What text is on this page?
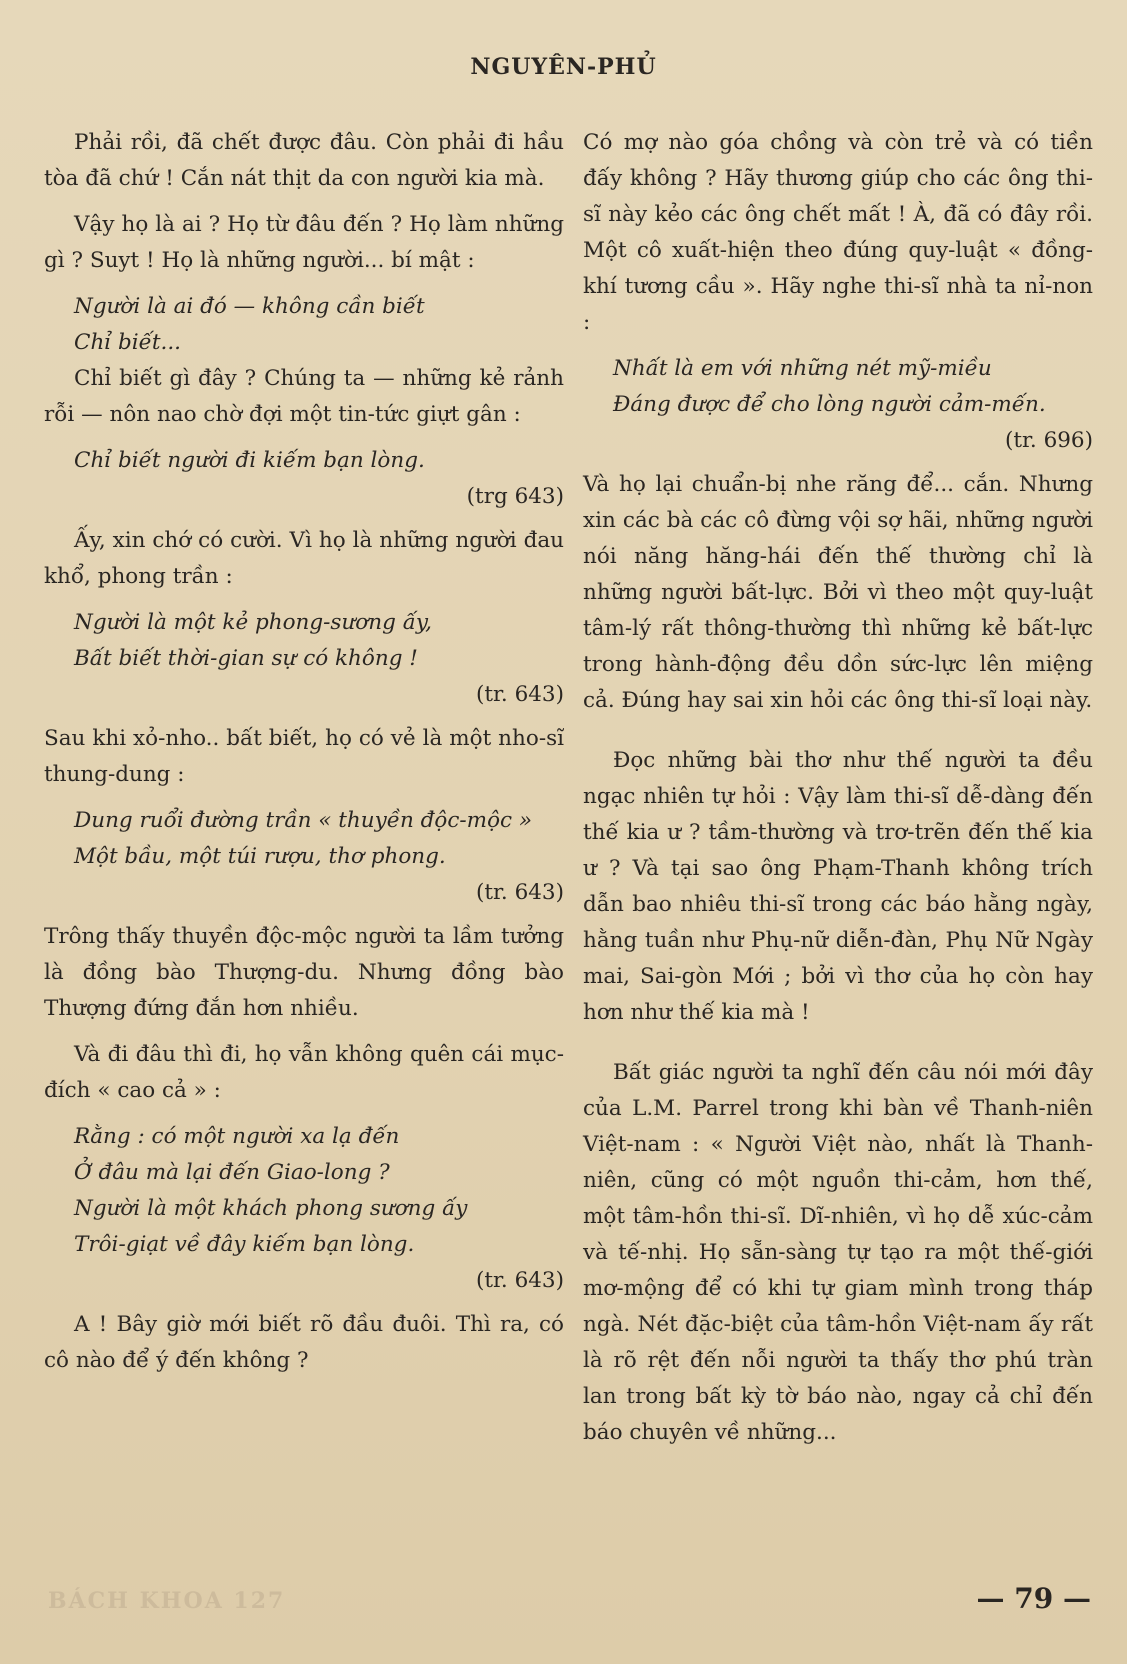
NGUYÊN-PHỦ

Phải rồi, đã chết được đâu. Còn phải đi hầu tòa đã chứ ! Cắn nát thịt da con người kia mà.

Vậy họ là ai ? Họ từ đâu đến ? Họ làm những gì ? Suyt ! Họ là những người... bí mật :

Người là ai đó — không cần biết
Chỉ biết...

Chỉ biết gì đây ? Chúng ta — những kẻ rảnh rỗi — nôn nao chờ đợi một tin-tức giựt gân :

Chỉ biết người đi kiếm bạn lòng.
(trg 643)

Ấy, xin chớ có cười. Vì họ là những người đau khổ, phong trần :

Người là một kẻ phong-sương ấy,
Bất biết thời-gian sự có không !
(tr. 643)

Sau khi xỏ-nho.. bất biết, họ có vẻ là một nho-sĩ thung-dung :

Dung ruổi đường trần « thuyền độc-mộc »
Một bầu, một túi rượu, thơ phong.
(tr. 643)

Trông thấy thuyền độc-mộc người ta lầm tưởng là đồng bào Thượng-du. Nhưng đồng bào Thượng đứng đắn hơn nhiều.

Và đi đâu thì đi, họ vẫn không quên cái mục-đích « cao cả » :

Rằng : có một người xa lạ đến
Ở đâu mà lại đến Giao-long ?
Người là một khách phong sương ấy
Trôi-giạt về đây kiếm bạn lòng.
(tr. 643)

A ! Bây giờ mới biết rõ đầu đuôi. Thì ra, có cô nào để ý đến không ?

Có mợ nào góa chồng và còn trẻ và có tiền đấy không ? Hãy thương giúp cho các ông thi-sĩ này kẻo các ông chết mất ! À, đã có đây rồi. Một cô xuất-hiện theo đúng quy-luật « đồng-khí tương cầu ». Hãy nghe thi-sĩ nhà ta nỉ-non :

Nhất là em với những nét mỹ-miều
Đáng được để cho lòng người cảm-mến.
(tr. 696)

Và họ lại chuẩn-bị nhe răng để... cắn. Nhưng xin các bà các cô đừng vội sợ hãi, những người nói năng hăng-hái đến thế thường chỉ là những người bất-lực. Bởi vì theo một quy-luật tâm-lý rất thông-thường thì những kẻ bất-lực trong hành-động đều dồn sức-lực lên miệng cả. Đúng hay sai xin hỏi các ông thi-sĩ loại này.

Đọc những bài thơ như thế người ta đều ngạc nhiên tự hỏi : Vậy làm thi-sĩ dễ-dàng đến thế kia ư ? tầm-thường và trơ-trẽn đến thế kia ư ? Và tại sao ông Phạm-Thanh không trích dẫn bao nhiêu thi-sĩ trong các báo hằng ngày, hằng tuần như Phụ-nữ diễn-đàn, Phụ Nữ Ngày mai, Sai-gòn Mới ; bởi vì thơ của họ còn hay hơn như thế kia mà !

Bất giác người ta nghĩ đến câu nói mới đây của L.M. Parrel trong khi bàn về Thanh-niên Việt-nam : « Người Việt nào, nhất là Thanh-niên, cũng có một nguồn thi-cảm, hơn thế, một tâm-hồn thi-sĩ. Dĩ-nhiên, vì họ dễ xúc-cảm và tế-nhị. Họ sẵn-sàng tự tạo ra một thế-giới mơ-mộng để có khi tự giam mình trong tháp ngà. Nét đặc-biệt của tâm-hồn Việt-nam ấy rất là rõ rệt đến nỗi người ta thấy thơ phú tràn lan trong bất kỳ tờ báo nào, ngay cả chỉ đến báo chuyên về những...

BÁCH KHOA 127	— 79 —
